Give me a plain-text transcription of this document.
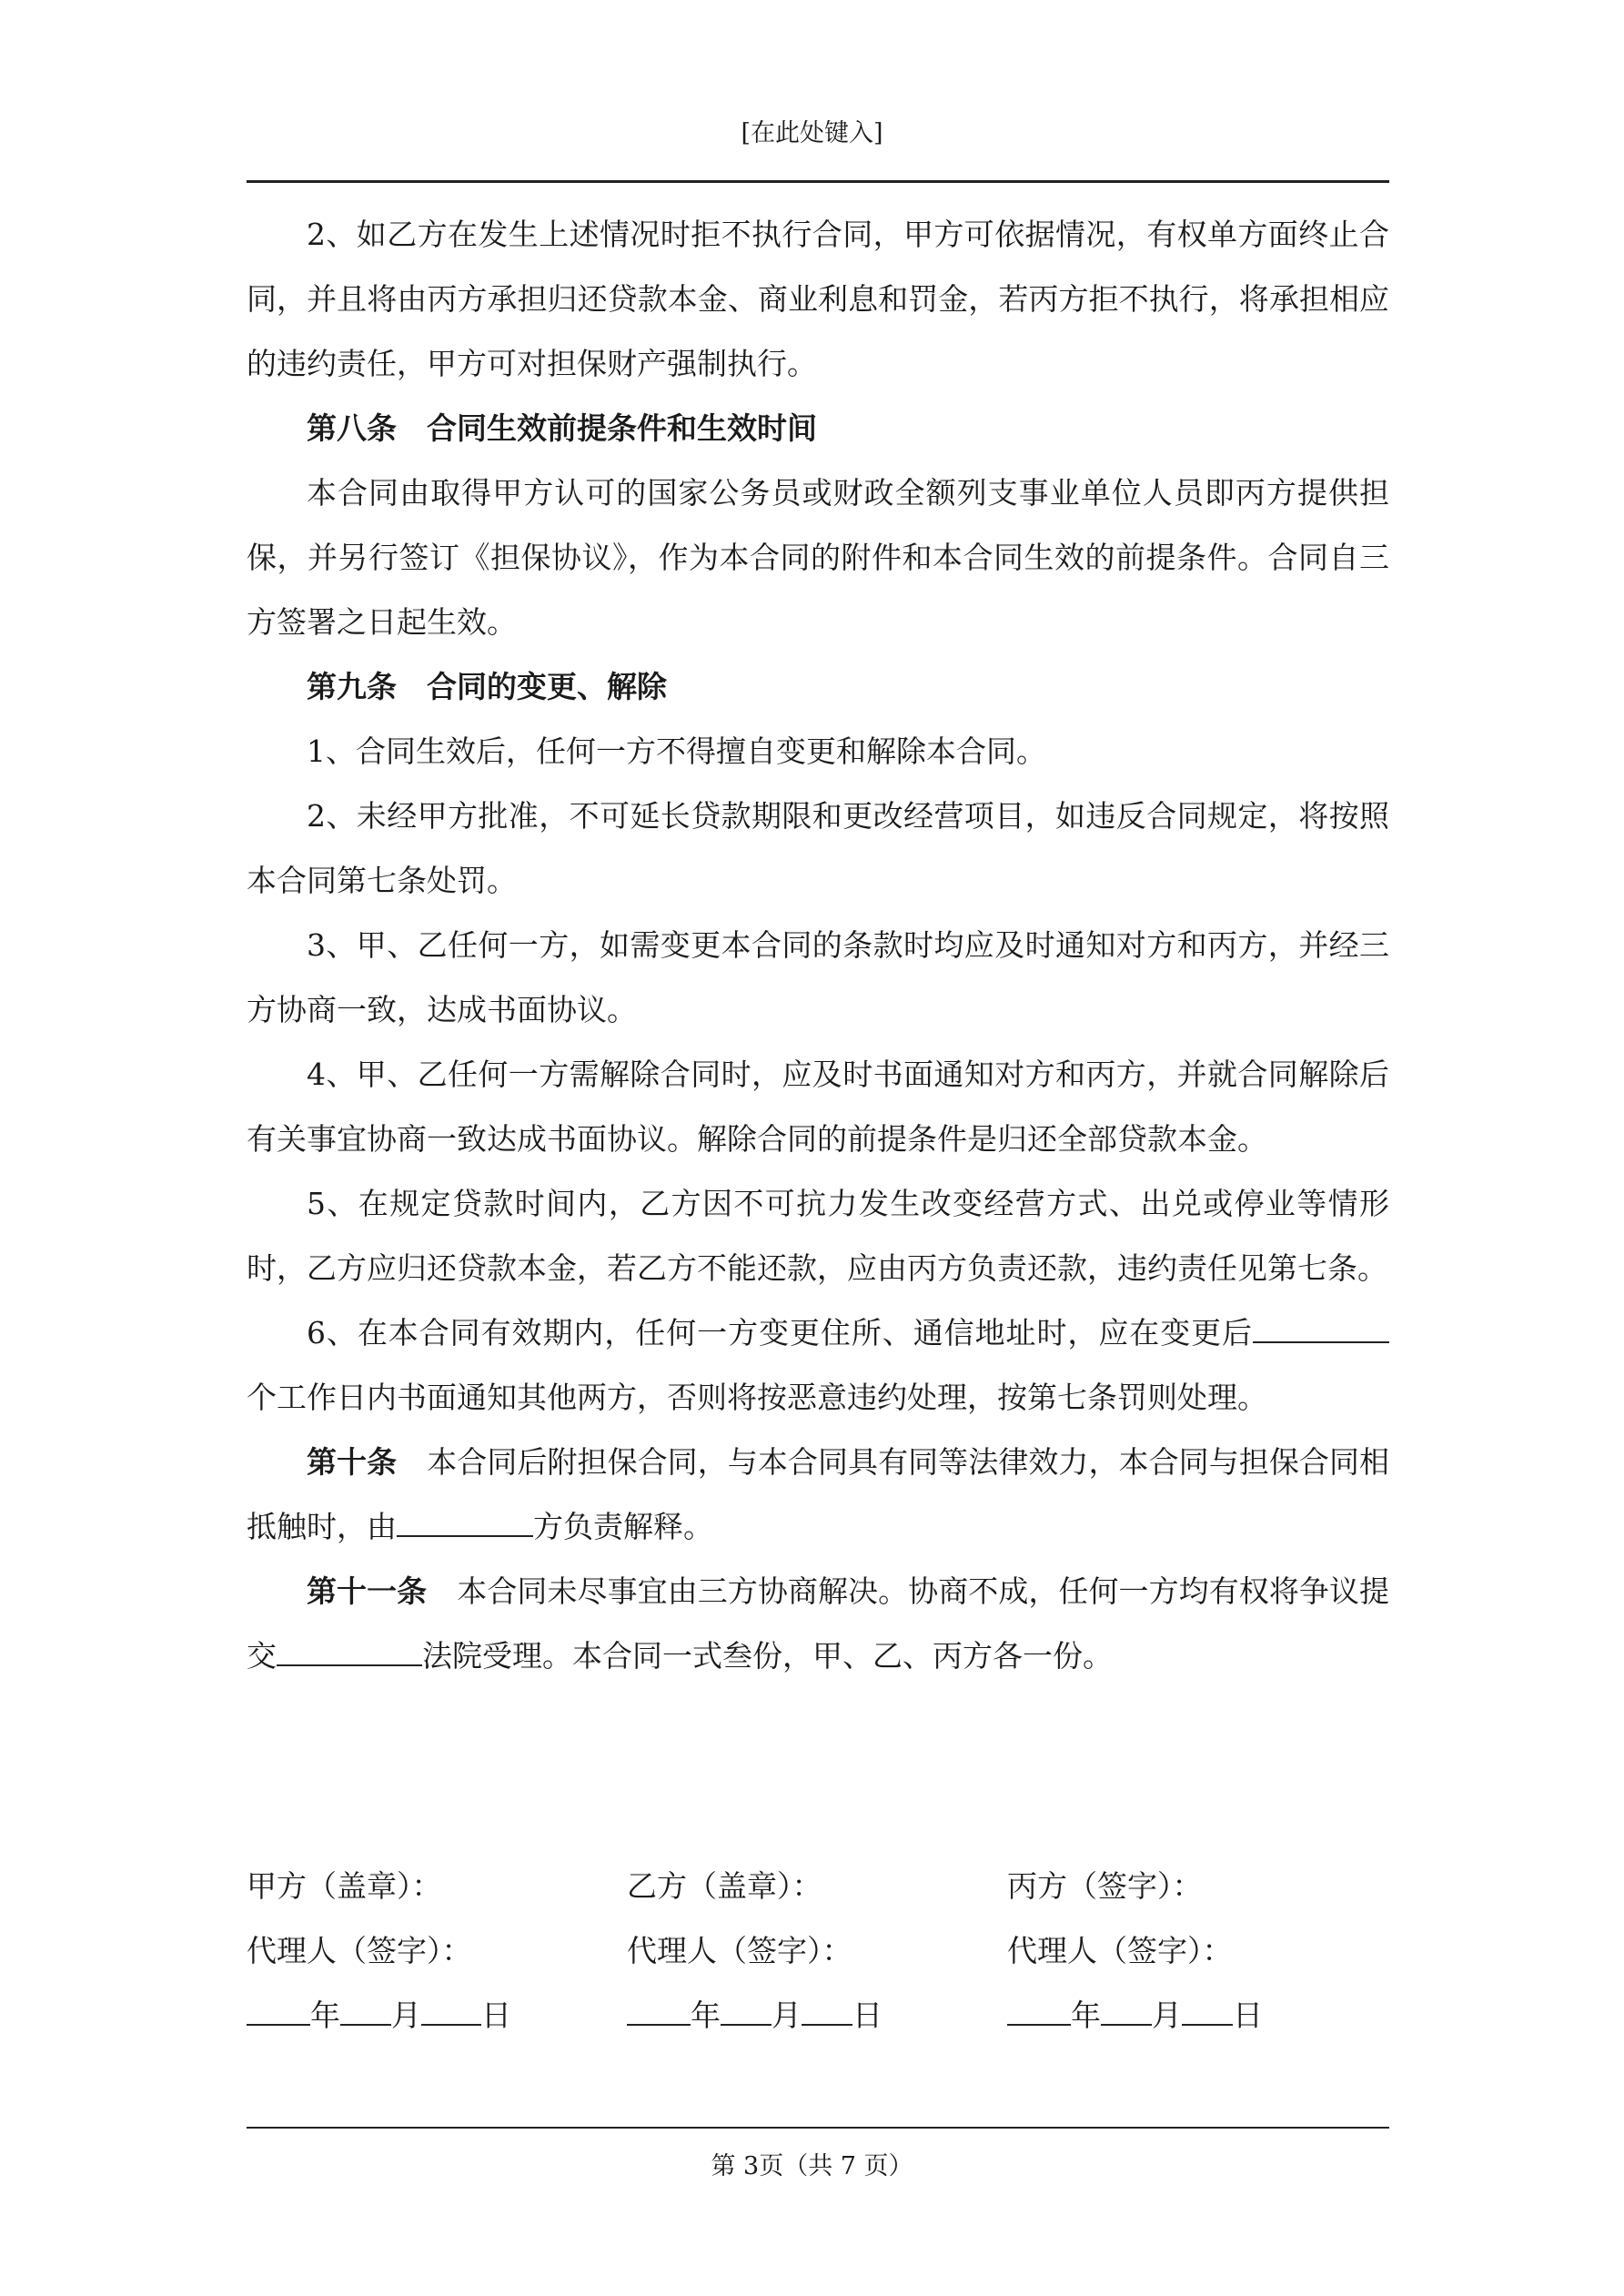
[在此处键入]

2、如乙方在发生上述情况时拒不执行合同，甲方可依据情况，有权单方面终止合同，并且将由丙方承担归还贷款本金、商业利息和罚金，若丙方拒不执行，将承担相应的违约责任，甲方可对担保财产强制执行。

第八条 合同生效前提条件和生效时间

本合同由取得甲方认可的国家公务员或财政全额列支事业单位人员即丙方提供担保，并另行签订《担保协议》，作为本合同的附件和本合同生效的前提条件。合同自三方签署之日起生效。

第九条 合同的变更、解除

1、合同生效后，任何一方不得擅自变更和解除本合同。

2、未经甲方批准，不可延长贷款期限和更改经营项目，如违反合同规定，将按照本合同第七条处罚。

3、甲、乙任何一方，如需变更本合同的条款时均应及时通知对方和丙方，并经三方协商一致，达成书面协议。

4、甲、乙任何一方需解除合同时，应及时书面通知对方和丙方，并就合同解除后有关事宜协商一致达成书面协议。解除合同的前提条件是归还全部贷款本金。

5、在规定贷款时间内，乙方因不可抗力发生改变经营方式、出兑或停业等情形时，乙方应归还贷款本金，若乙方不能还款，应由丙方负责还款，违约责任见第七条。

6、在本合同有效期内，任何一方变更住所、通信地址时，应在变更后个工作日内书面通知其他两方，否则将按恶意违约处理，按第七条罚则处理。

第十条 本合同后附担保合同，与本合同具有同等法律效力，本合同与担保合同相抵触时，由	方负责解释。

第十一条 本合同未尽事宜由三方协商解决。协商不成，任何一方均有权将争议提交	法院受理。本合同一式叁份，甲、乙、丙方各一份。

甲方（盖章）：	乙方（盖章）：	丙方（签字）：
代理人（签字）：	代理人（签字）：	代理人（签字）：
年 月 日	年 月 日	年 月 日
第 3页（共 7 页）
